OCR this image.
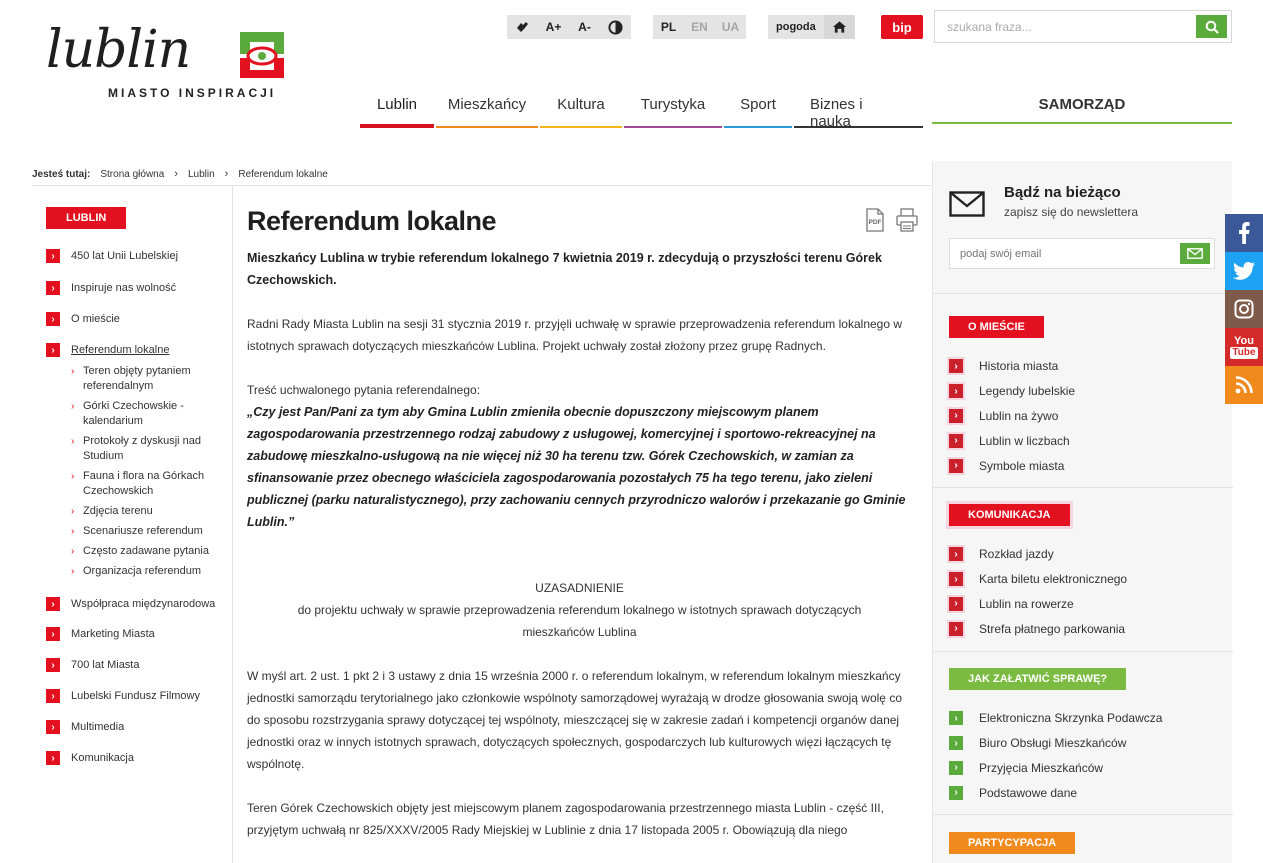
lublin
MIASTO INSPIRACJI
A+	A-	PL	EN	UA	pogoda	bip
szukana fraza...
Lublin	Mieszkańcy	Kultura	Turystyka	Sport	Biznes i nauka
SAMORZĄD
Jesteś tutaj: Strona główna › Lublin › Referendum lokalne
LUBLIN
›	450 lat Unii Lubelskiej
›	Inspiruje nas wolność
›	O mieście
›	Referendum lokalne
› Teren objęty pytaniem referendalnym
› Górki Czechowskie - kalendarium
› Protokoły z dyskusji nad Studium
› Fauna i flora na Górkach Czechowskich
› Zdjęcia terenu
› Scenariusze referendum
› Często zadawane pytania
› Organizacja referendum
›	Współpraca międzynarodowa
›	Marketing Miasta
›	700 lat Miasta
›	Lubelski Fundusz Filmowy
›	Multimedia
›	Komunikacja
Referendum lokalne	PDF

Mieszkańcy Lublina w trybie referendum lokalnego 7 kwietnia 2019 r. zdecydują o przyszłości terenu Górek Czechowskich.

Radni Rady Miasta Lublin na sesji 31 stycznia 2019 r. przyjęli uchwałę w sprawie przeprowadzenia referendum lokalnego w istotnych sprawach dotyczących mieszkańców Lublina. Projekt uchwały został złożony przez grupę Radnych.

Treść uchwalonego pytania referendalnego:

„Czy jest Pan/Pani za tym aby Gmina Lublin zmieniła obecnie dopuszczony miejscowym planem zagospodarowania przestrzennego rodzaj zabudowy z usługowej, komercyjnej i sportowo-rekreacyjnej na zabudowę mieszkalno-usługową na nie więcej niż 30 ha terenu tzw. Górek Czechowskich, w zamian za sfinansowanie przez obecnego właściciela zagospodarowania pozostałych 75 ha tego terenu, jako zieleni publicznej (parku naturalistycznego), przy zachowaniu cennych przyrodniczo walorów i przekazanie go Gminie Lublin.”

UZASADNIENIE

do projektu uchwały w sprawie przeprowadzenia referendum lokalnego w istotnych sprawach dotyczących mieszkańców Lublina

W myśl art. 2 ust. 1 pkt 2 i 3 ustawy z dnia 15 września 2000 r. o referendum lokalnym, w referendum lokalnym mieszkańcy jednostki samorządu terytorialnego jako członkowie wspólnoty samorządowej wyrażają w drodze głosowania swoją wolę co do sposobu rozstrzygania sprawy dotyczącej tej wspólnoty, mieszczącej się w zakresie zadań i kompetencji organów danej jednostki oraz w innych istotnych sprawach, dotyczących społecznych, gospodarczych lub kulturowych więzi łączących tę wspólnotę.

Teren Górek Czechowskich objęty jest miejscowym planem zagospodarowania przestrzennego miasta Lublin - część III, przyjętym uchwałą nr 825/XXXV/2005 Rady Miejskiej w Lublinie z dnia 17 listopada 2005 r. Obowiązują dla niego

Bądź na bieżąco
zapisz się do newslettera
podaj swój email
O MIEŚCIE
›	Historia miasta
›	Legendy lubelskie
›	Lublin na żywo
›	Lublin w liczbach
›	Symbole miasta
KOMUNIKACJA
›	Rozkład jazdy
›	Karta biletu elektronicznego
›	Lublin na rowerze
›	Strefa płatnego parkowania
JAK ZAŁATWIĆ SPRAWĘ?
›	Elektroniczna Skrzynka Podawcza
›	Biuro Obsługi Mieszkańców
›	Przyjęcia Mieszkańców
›	Podstawowe dane
PARTYCYPACJA
You
Tube
